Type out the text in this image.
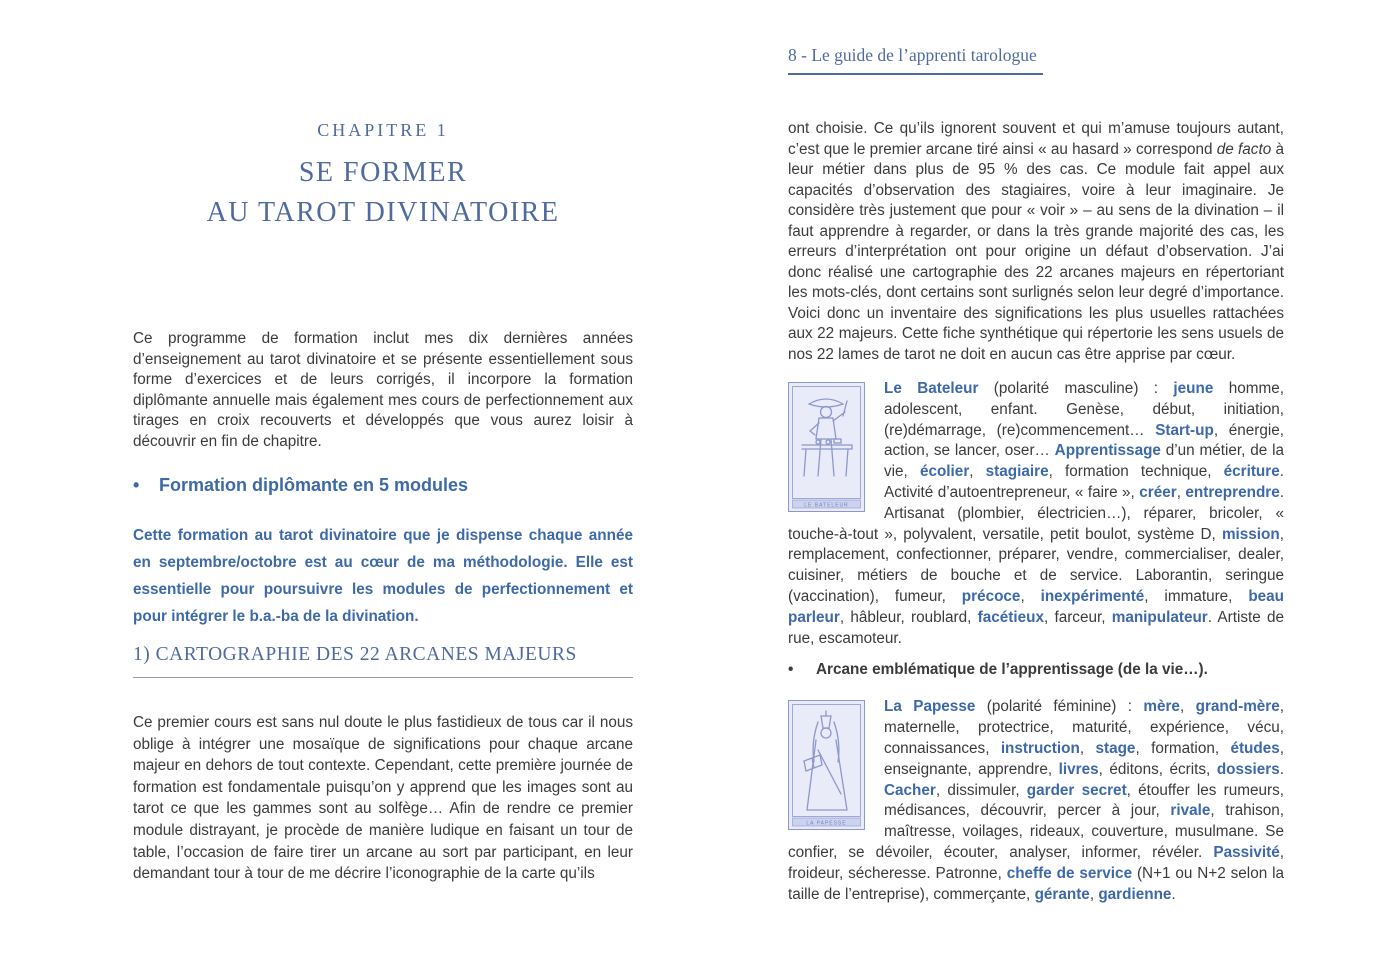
CHAPITRE 1
SE FORMER
AU TAROT DIVINATOIRE

Ce programme de formation inclut mes dix dernières années d’enseignement au tarot divinatoire et se présente essentiellement sous forme d’exercices et de leurs corrigés, il incorpore la formation diplômante annuelle mais également mes cours de perfectionnement aux tirages en croix recouverts et développés que vous aurez loisir à découvrir en fin de chapitre.

•	Formation diplômante en 5 modules

Cette formation au tarot divinatoire que je dispense chaque année en septembre/octobre est au cœur de ma méthodologie. Elle est essentielle pour poursuivre les modules de perfectionnement et pour intégrer le b.a.-ba de la divination.

1) CARTOGRAPHIE DES 22 ARCANES MAJEURS

Ce premier cours est sans nul doute le plus fastidieux de tous car il nous oblige à intégrer une mosaïque de significations pour chaque arcane majeur en dehors de tout contexte. Cependant, cette première journée de formation est fondamentale puisqu’on y apprend que les images sont au tarot ce que les gammes sont au solfège… Afin de rendre ce premier module distrayant, je procède de manière ludique en faisant un tour de table, l’occasion de faire tirer un arcane au sort par participant, en leur demandant tour à tour de me décrire l’iconographie de la carte qu’ils

8 - Le guide de l’apprenti tarologue

ont choisie. Ce qu’ils ignorent souvent et qui m’amuse toujours autant, c’est que le premier arcane tiré ainsi « au hasard » correspond de facto à leur métier dans plus de 95 % des cas. Ce module fait appel aux capacités d’observation des stagiaires, voire à leur imaginaire. Je considère très justement que pour « voir » – au sens de la divination – il faut apprendre à regarder, or dans la très grande majorité des cas, les erreurs d’interprétation ont pour origine un défaut d’observation. J’ai donc réalisé une cartographie des 22 arcanes majeurs en répertoriant les mots-clés, dont certains sont surlignés selon leur degré d’importance. Voici donc un inventaire des significations les plus usuelles rattachées aux 22 majeurs. Cette fiche synthétique qui répertorie les sens usuels de nos 22 lames de tarot ne doit en aucun cas être apprise par cœur.

LE BATELEUR
Le Bateleur (polarité masculine) : jeune homme, adolescent, enfant. Genèse, début, initiation, (re)démarrage, (re)commencement… Start-up, énergie, action, se lancer, oser… Apprentissage d’un métier, de la vie, écolier, stagiaire, formation technique, écriture. Activité d’autoentrepreneur, « faire », créer, entreprendre. Artisanat (plombier, électricien…), réparer, bricoler, « touche-à-tout », polyvalent, versatile, petit boulot, système D, mission, remplacement, confectionner, préparer, vendre, commercialiser, dealer, cuisiner, métiers de bouche et de service. Laborantin, seringue (vaccination), fumeur, précoce, inexpérimenté, immature, beau parleur, hâbleur, roublard, facétieux, farceur, manipulateur. Artiste de rue, escamoteur.
•	Arcane emblématique de l’apprentissage (de la vie…).
LA PAPESSE
La Papesse (polarité féminine) : mère, grand-mère, maternelle, protectrice, maturité, expérience, vécu, connaissances, instruction, stage, formation, études, enseignante, apprendre, livres, éditons, écrits, dossiers. Cacher, dissimuler, garder secret, étouffer les rumeurs, médisances, découvrir, percer à jour, rivale, trahison, maîtresse, voilages, rideaux, couverture, musulmane. Se confier, se dévoiler, écouter, analyser, informer, révéler. Passivité, froideur, sécheresse. Patronne, cheffe de service (N+1 ou N+2 selon la taille de l’entreprise), commerçante, gérante, gardienne.
